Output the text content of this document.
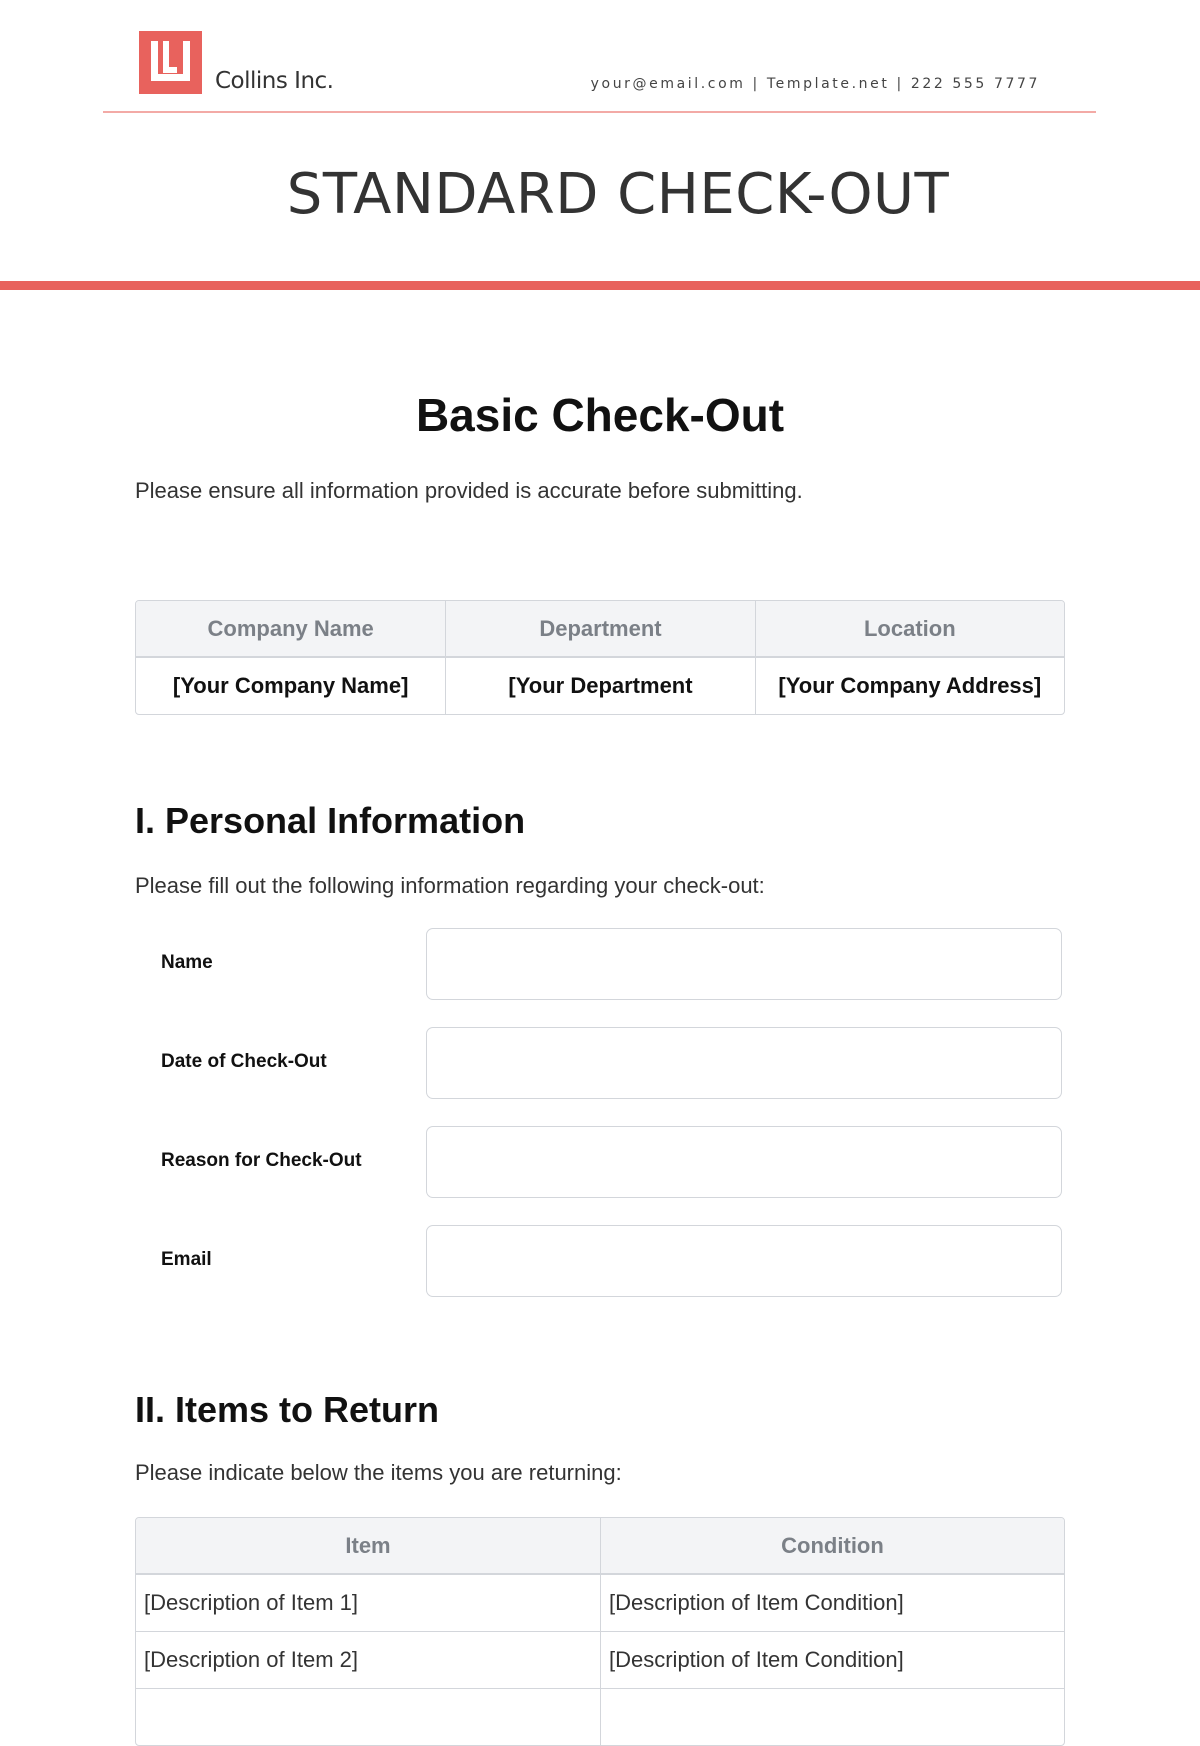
Collins Inc.	your@email.com | Template.net | 222 555 7777
STANDARD CHECK-OUT
Basic Check-Out
Please ensure all information provided is accurate before submitting.
Company Name	Department	Location
[Your Company Name]	[Your Department	[Your Company Address]
I. Personal Information
Please fill out the following information regarding your check-out:
Name
Date of Check-Out
Reason for Check-Out
Email
II. Items to Return
Please indicate below the items you are returning:
Item	Condition
[Description of Item 1]	[Description of Item Condition]
[Description of Item 2]	[Description of Item Condition]
